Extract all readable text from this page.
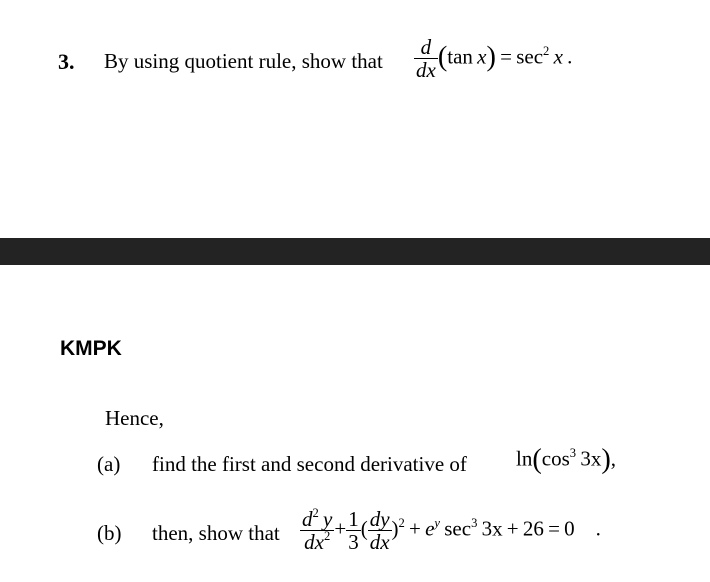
3. By using quotient rule, show that $\frac{d}{dx} (\tan$  $x) = \sec^2 x$  .
KMPK
Hence,
(a) find the first and second derivative of $\ln(\cos^3$  3x),
(b) then, show that $\frac{d^2 y}{dx^2} + \frac{1}{3}$ ( $\frac{dy}{dx} )^2 + e^y$  $\sec^3 3x + 26 = 0$  .
